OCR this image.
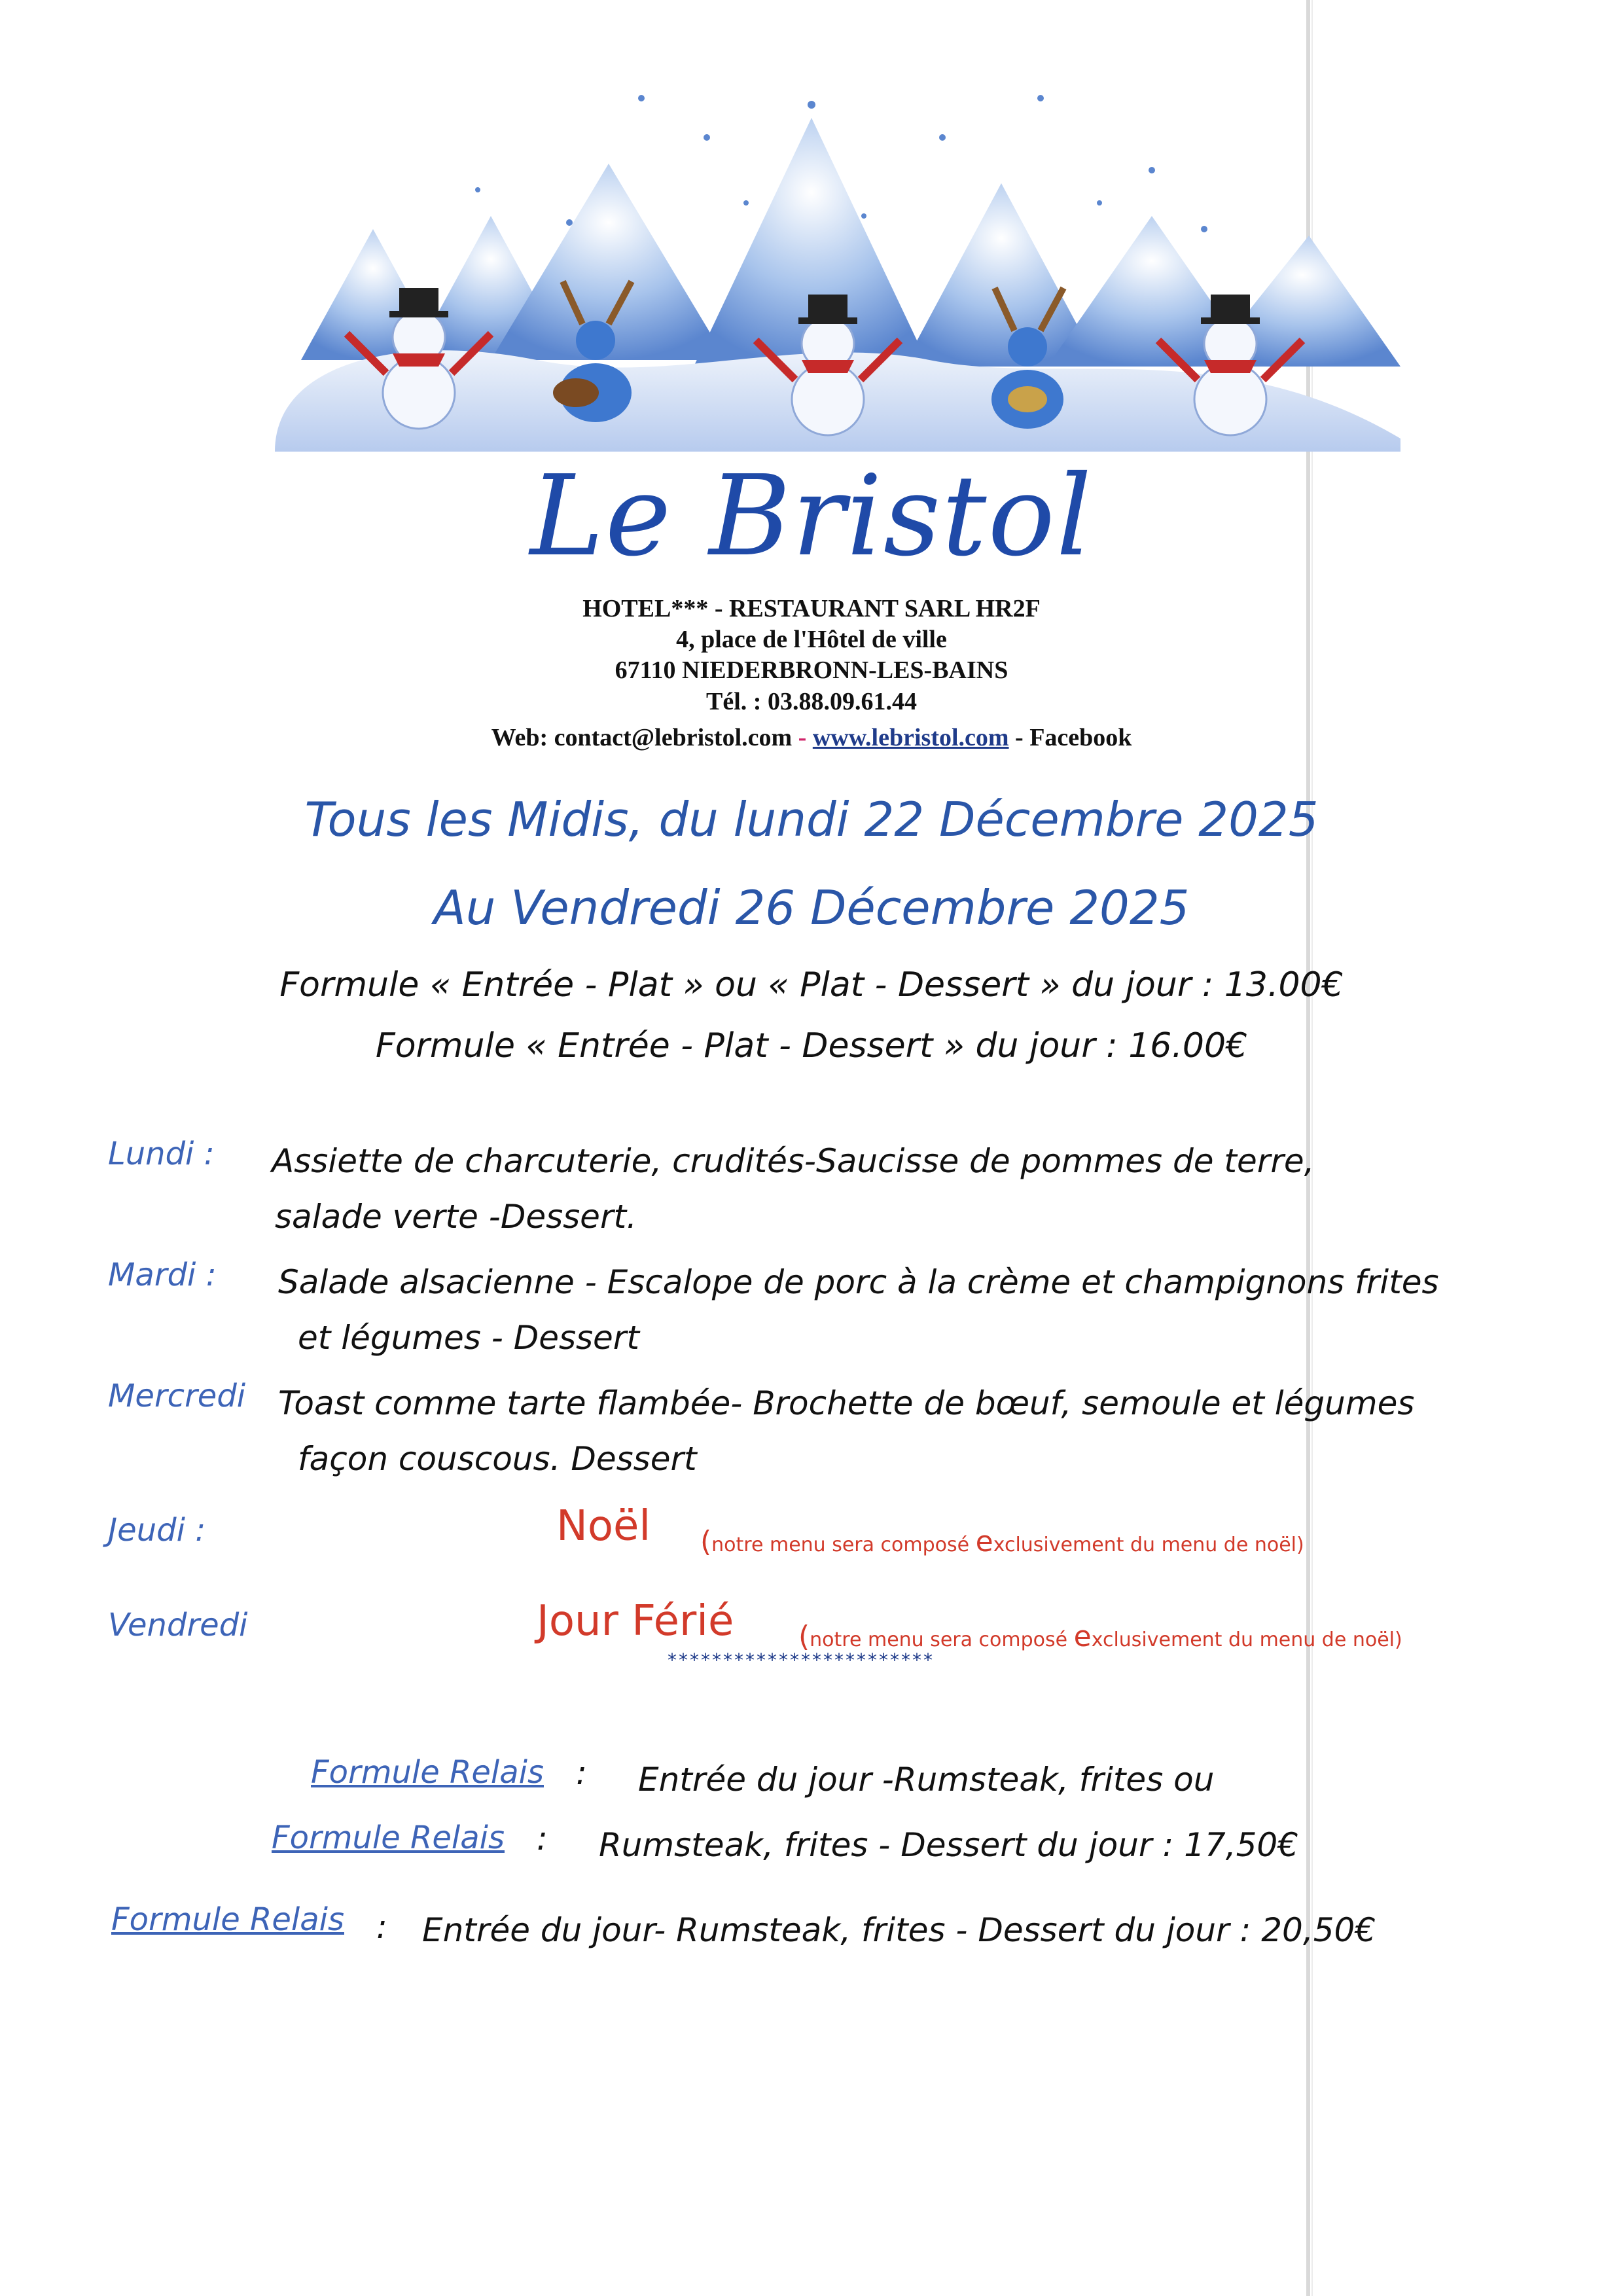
Le Bristol
HOTEL*** - RESTAURANT SARL HR2F
4, place de l'Hôtel de ville
67110 NIEDERBRONN-LES-BAINS
Tél. : 03.88.09.61.44
Web: contact@lebristol.com - www.lebristol.com - Facebook
Tous les Midis, du lundi 22 Décembre 2025
Au Vendredi 26 Décembre 2025
Formule « Entrée - Plat » ou « Plat - Dessert » du jour : 13.00€
Formule « Entrée - Plat - Dessert » du jour : 16.00€
Lundi : Assiette de charcuterie, crudités-Saucisse de pommes de terre,
salade verte -Dessert.
Mardi : Salade alsacienne - Escalope de porc à la crème et champignons frites
et légumes - Dessert
Mercredi Toast comme tarte flambée- Brochette de bœuf, semoule et légumes
façon couscous. Dessert
Jeudi :	Noël (notre menu sera composé exclusivement du menu de noël)
Vendredi	Jour Férié (notre menu sera composé exclusivement du menu de noël)
************************
Formule Relais : Entrée du jour -Rumsteak, frites ou
Formule Relais : Rumsteak, frites - Dessert du jour : 17,50€
Formule Relais : Entrée du jour- Rumsteak, frites - Dessert du jour : 20,50€
